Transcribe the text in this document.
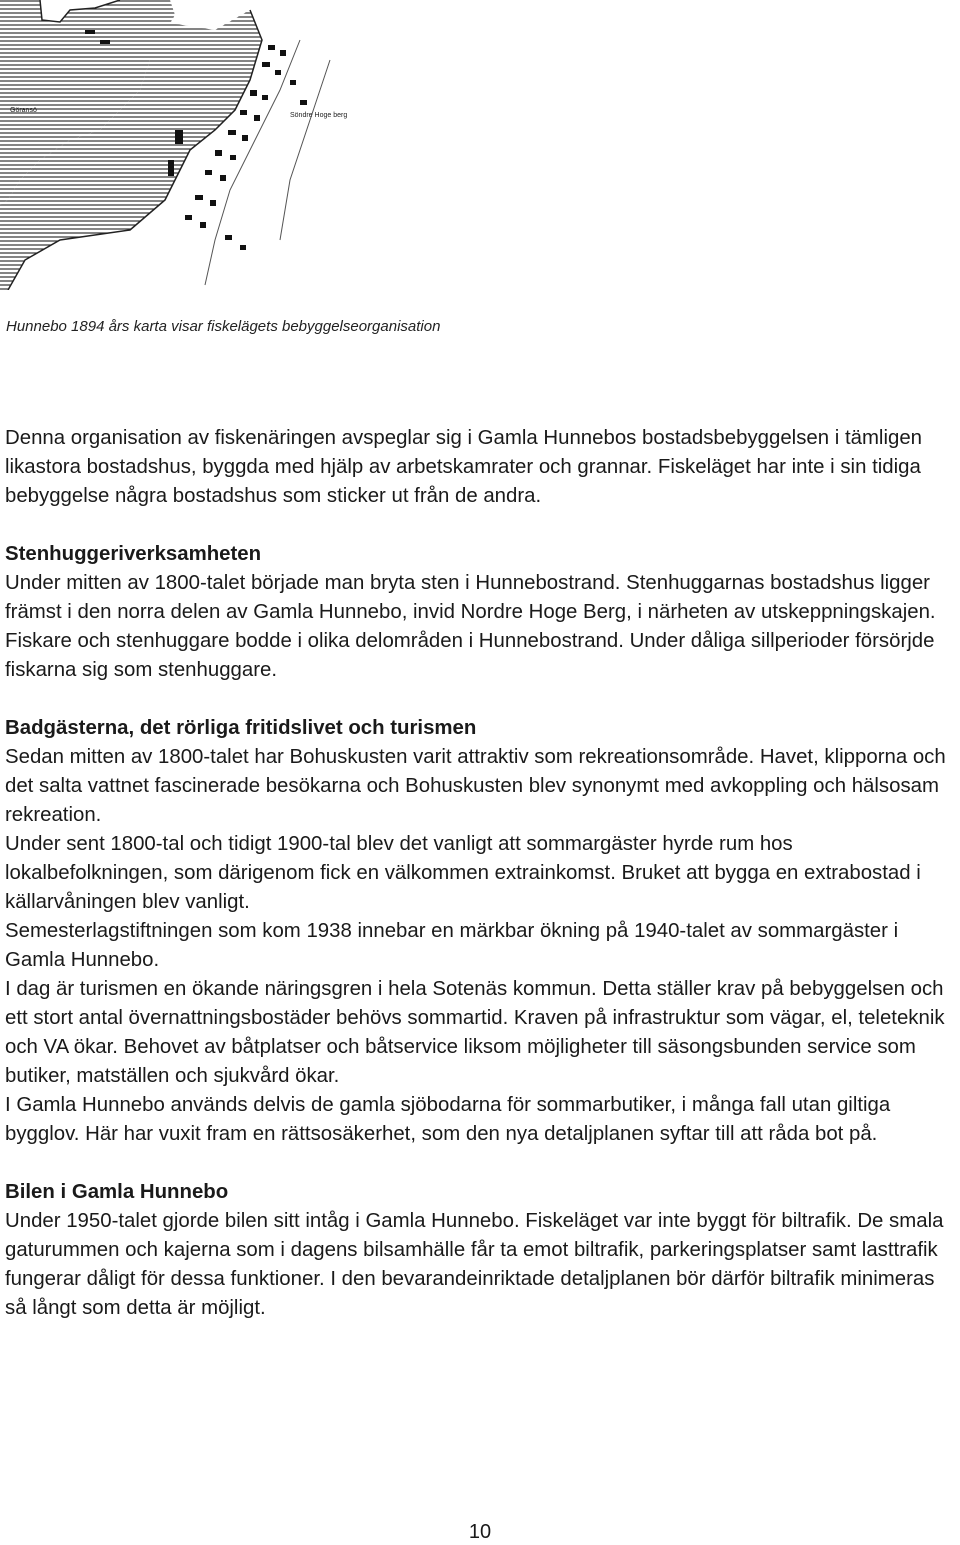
Göransö
Söndre Hoge berg
Hunnebo 1894 års karta visar fiskelägets bebyggelseorganisation

Denna organisation av fiskenäringen avspeglar sig i Gamla Hunnebos bostadsbebyggelsen i tämligen likastora bostadshus, byggda med hjälp av arbetskamrater och grannar. Fiskeläget har inte i sin tidiga bebyggelse några bostadshus som sticker ut från de andra.

Stenhuggeriverksamheten

Under mitten av 1800-talet började man bryta sten i Hunnebostrand. Stenhuggarnas bostadshus ligger främst i den norra delen av Gamla Hunnebo, invid Nordre Hoge Berg, i närheten av utskeppningskajen. Fiskare och stenhuggare bodde i olika delområden i Hunnebostrand. Under dåliga sillperioder försörjde fiskarna sig som stenhuggare.

Badgästerna, det rörliga fritidslivet och turismen

Sedan mitten av 1800-talet har Bohuskusten varit attraktiv som rekreationsområde. Havet, klipporna och det salta vattnet fascinerade besökarna och Bohuskusten blev synonymt med avkoppling och hälsosam rekreation.

Under sent 1800-tal och tidigt 1900-tal blev det vanligt att sommargäster hyrde rum hos lokalbefolkningen, som därigenom fick en välkommen extrainkomst. Bruket att bygga en extrabostad i källarvåningen blev vanligt.

Semesterlagstiftningen som kom 1938 innebar en märkbar ökning på 1940-talet av sommargäster i Gamla Hunnebo.

I dag är turismen en ökande näringsgren i hela Sotenäs kommun. Detta ställer krav på bebyggelsen och ett stort antal övernattningsbostäder behövs sommartid. Kraven på infrastruktur som vägar, el, teleteknik och VA ökar. Behovet av båtplatser och båtservice liksom möjligheter till säsongsbunden service som butiker, matställen och sjukvård ökar.

I Gamla Hunnebo används delvis de gamla sjöbodarna för sommarbutiker, i många fall utan giltiga bygglov. Här har vuxit fram en rättsosäkerhet, som den nya detaljplanen syftar till att råda bot på.

Bilen i Gamla Hunnebo

Under 1950-talet gjorde bilen sitt intåg i Gamla Hunnebo. Fiskeläget var inte byggt för biltrafik. De smala gaturummen och kajerna som i dagens bilsamhälle får ta emot biltrafik, parkeringsplatser samt lasttrafik fungerar dåligt för dessa funktioner. I den bevarandeinriktade detaljplanen bör därför biltrafik minimeras så långt som detta är möjligt.

10
